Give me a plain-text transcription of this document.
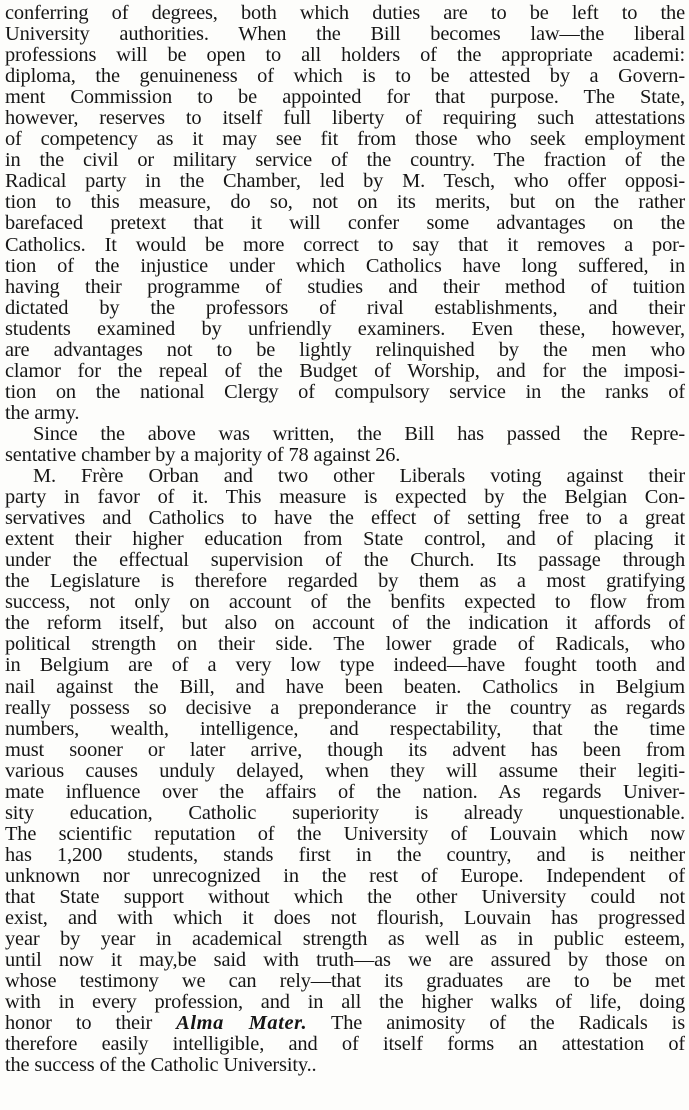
conferring of degrees, both which duties are to be left to the
University authorities. When the Bill becomes law—the liberal
professions will be open to all holders of the appropriate academi:
diploma, the genuineness of which is to be attested by a Govern-
ment Commission to be appointed for that purpose. The State,
however, reserves to itself full liberty of requiring such attestations
of competency as it may see fit from those who seek employment
in the civil or military service of the country. The fraction of the
Radical party in the Chamber, led by M. Tesch, who offer opposi-
tion to this measure, do so, not on its merits, but on the rather
barefaced pretext that it will confer some advantages on the
Catholics. It would be more correct to say that it removes a por-
tion of the injustice under which Catholics have long suffered, in
having their programme of studies and their method of tuition
dictated by the professors of rival establishments, and their
students examined by unfriendly examiners. Even these, however,
are advantages not to be lightly relinquished by the men who
clamor for the repeal of the Budget of Worship, and for the imposi-
tion on the national Clergy of compulsory service in the ranks of
the army.

Since the above was written, the Bill has passed the Repre-
sentative chamber by a majority of 78 against 26.

M. Frère Orban and two other Liberals voting against their
party in favor of it. This measure is expected by the Belgian Con-
servatives and Catholics to have the effect of setting free to a great
extent their higher education from State control, and of placing it
under the effectual supervision of the Church. Its passage through
the Legislature is therefore regarded by them as a most gratifying
success, not only on account of the benfits expected to flow from
the reform itself, but also on account of the indication it affords of
political strength on their side. The lower grade of Radicals, who
in Belgium are of a very low type indeed—have fought tooth and
nail against the Bill, and have been beaten. Catholics in Belgium
really possess so decisive a preponderance ir the country as regards
numbers, wealth, intelligence, and respectability, that the time
must sooner or later arrive, though its advent has been from
various causes unduly delayed, when they will assume their legiti-
mate influence over the affairs of the nation. As regards Univer-
sity education, Catholic superiority is already unquestionable.
The scientific reputation of the University of Louvain which now
has 1,200 students, stands first in the country, and is neither
unknown nor unrecognized in the rest of Europe. Independent of
that State support without which the other University could not
exist, and with which it does not flourish, Louvain has progressed
year by year in academical strength as well as in public esteem,
until now it may,be said with truth—as we are assured by those on
whose testimony we can rely—that its graduates are to be met
with in every profession, and in all the higher walks of life, doing
honor to their Alma Mater. The animosity of the Radicals is
therefore easily intelligible, and of itself forms an attestation of
the success of the Catholic University..
